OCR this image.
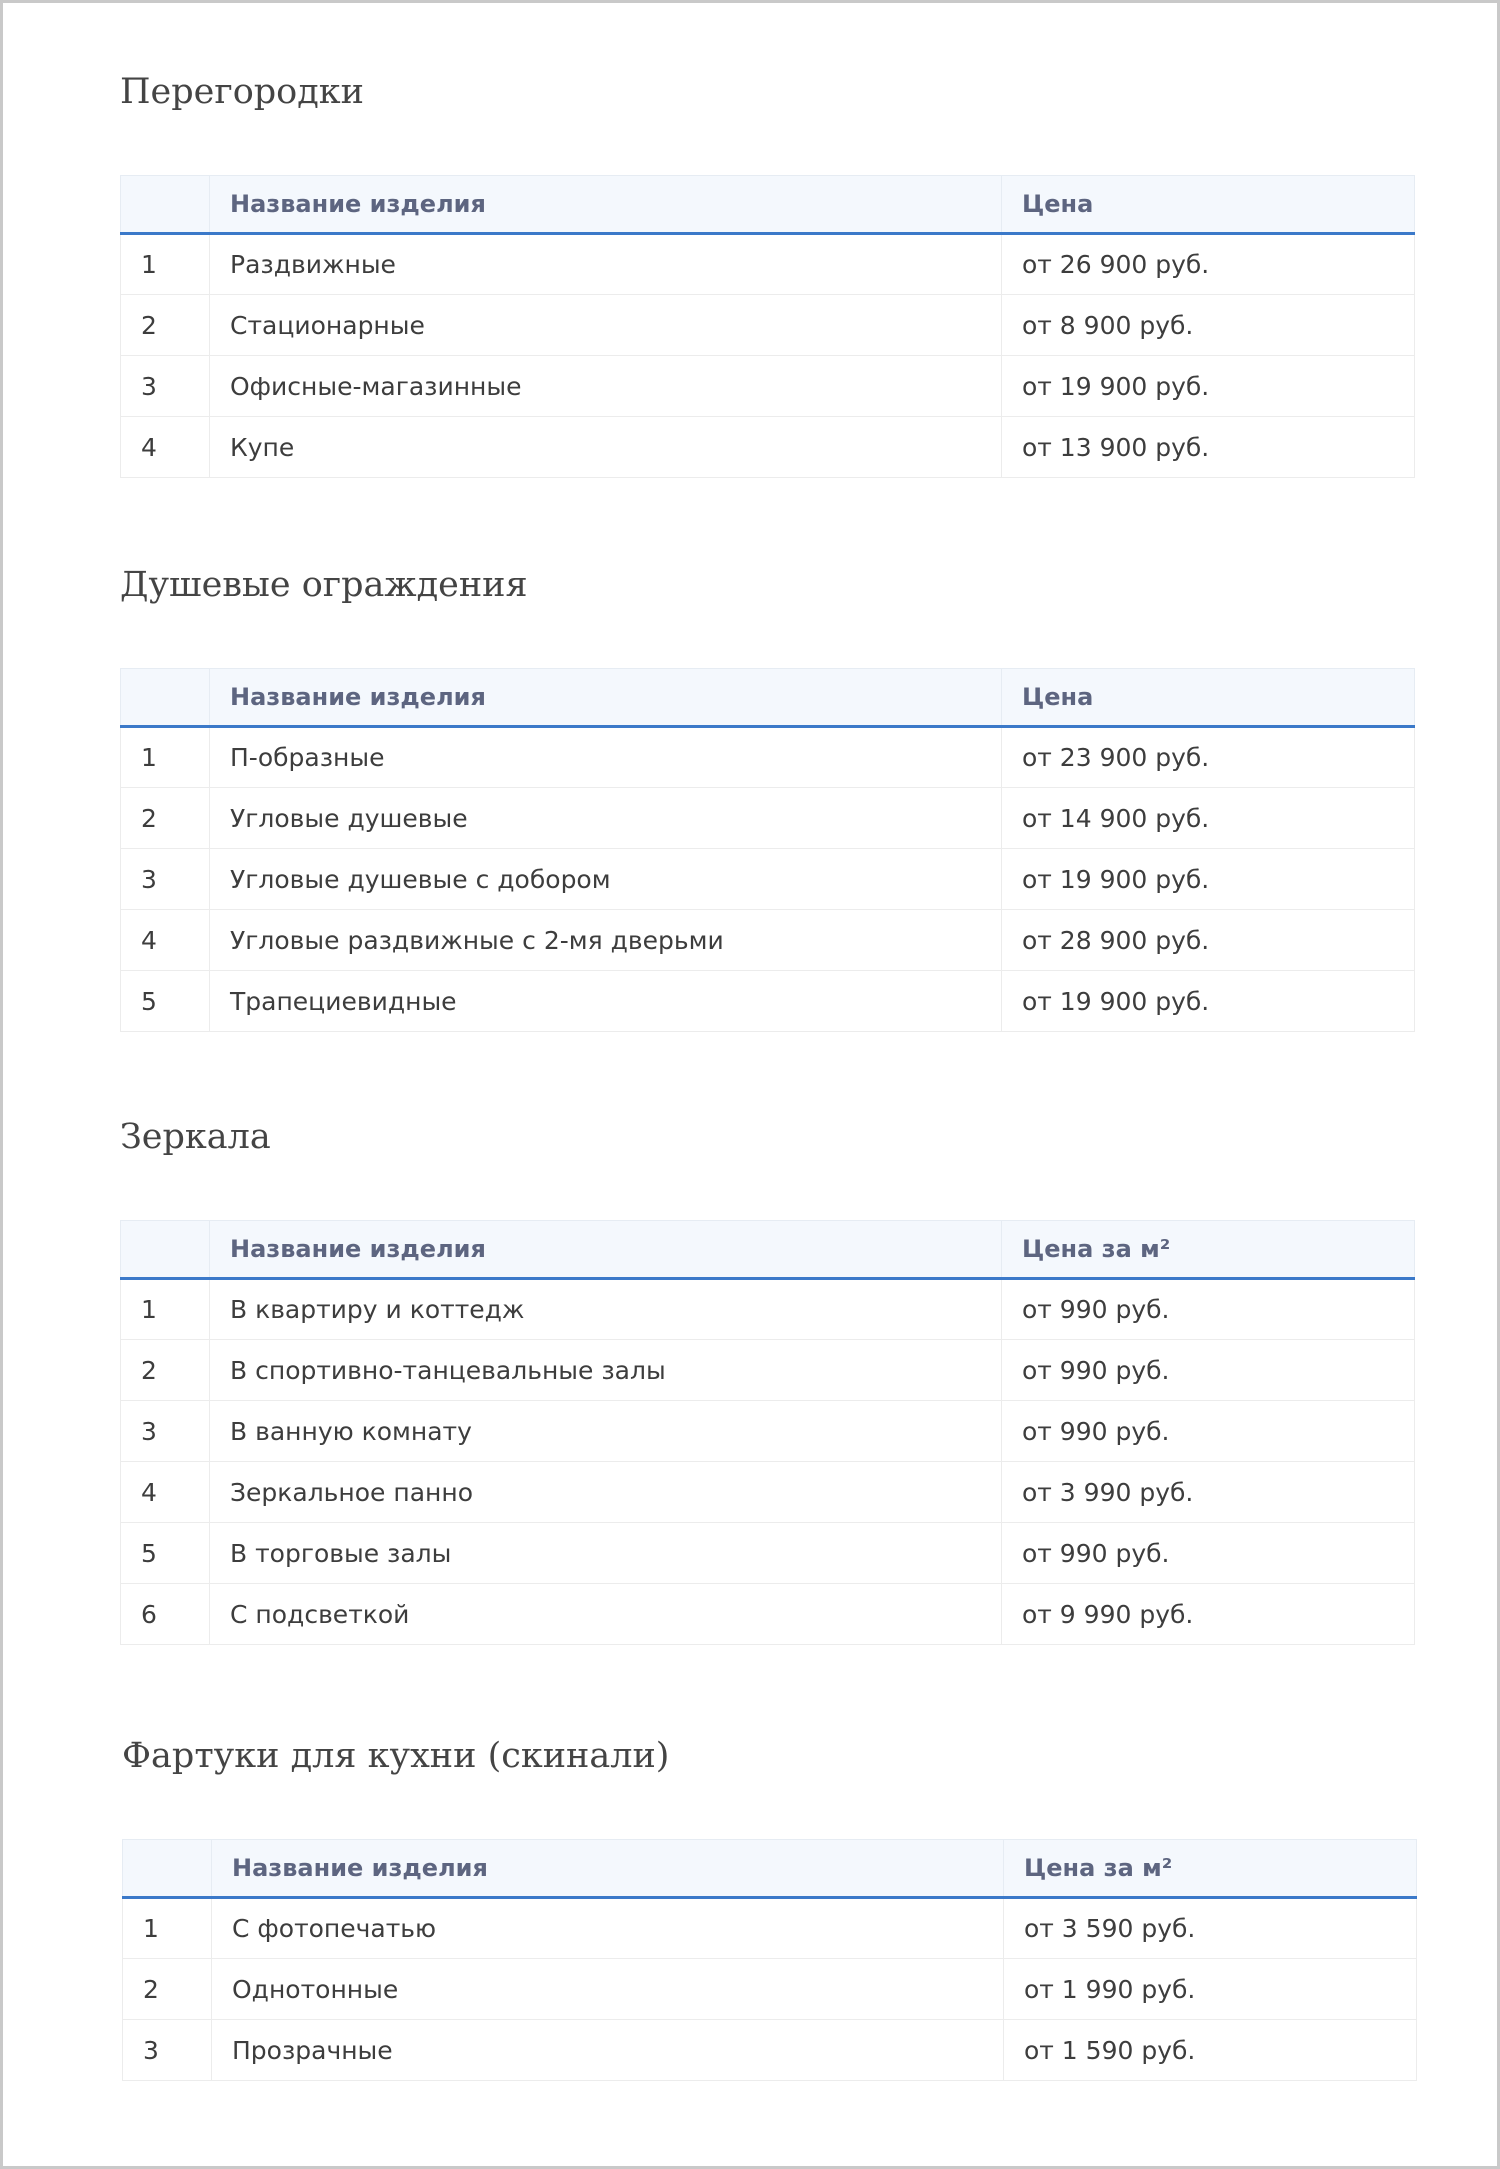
Перегородки
	Название изделия	Цена
1	Раздвижные	от 26 900 руб.
2	Стационарные	от 8 900 руб.
3	Офисные-магазинные	от 19 900 руб.
4	Купе	от 13 900 руб.
Душевые ограждения
	Название изделия	Цена
1	П-образные	от 23 900 руб.
2	Угловые душевые	от 14 900 руб.
3	Угловые душевые с добором	от 19 900 руб.
4	Угловые раздвижные с 2-мя дверьми	от 28 900 руб.
5	Трапециевидные	от 19 900 руб.
Зеркала
	Название изделия	Цена за м²
1	В квартиру и коттедж	от 990 руб.
2	В спортивно-танцевальные залы	от 990 руб.
3	В ванную комнату	от 990 руб.
4	Зеркальное панно	от 3 990 руб.
5	В торговые залы	от 990 руб.
6	С подсветкой	от 9 990 руб.
Фартуки для кухни (скинали)
	Название изделия	Цена за м²
1	С фотопечатью	от 3 590 руб.
2	Однотонные	от 1 990 руб.
3	Прозрачные	от 1 590 руб.
